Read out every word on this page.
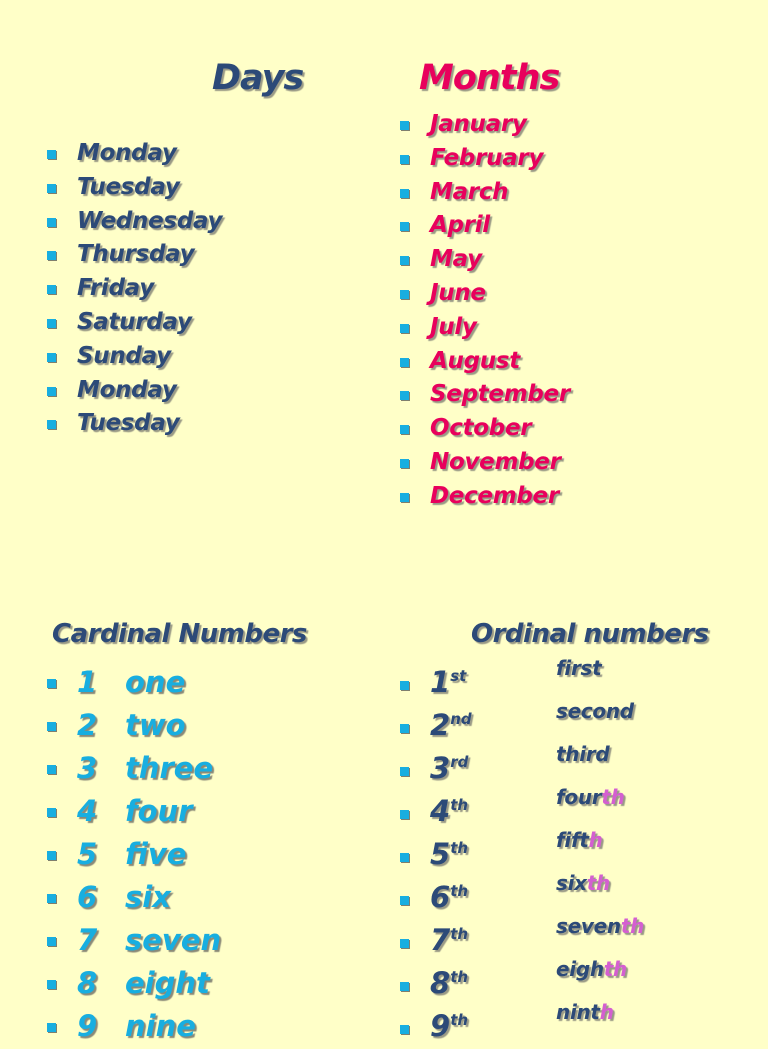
Days	Months
Monday
Tuesday
Wednesday
Thursday
Friday
Saturday
Sunday
Monday
Tuesday
January
February
March
April
May
June
July
August
September
October
November
December
Cardinal Numbers	Ordinal numbers
1 one
2 two
3 three
4 four
5 five
6 six
7 seven
8 eight
9 nine
1st	first
2nd	second
3rd	third
4th	fourth
5th	fifth
6th	sixth
7th	seventh
8th	eighth
9th	ninth
